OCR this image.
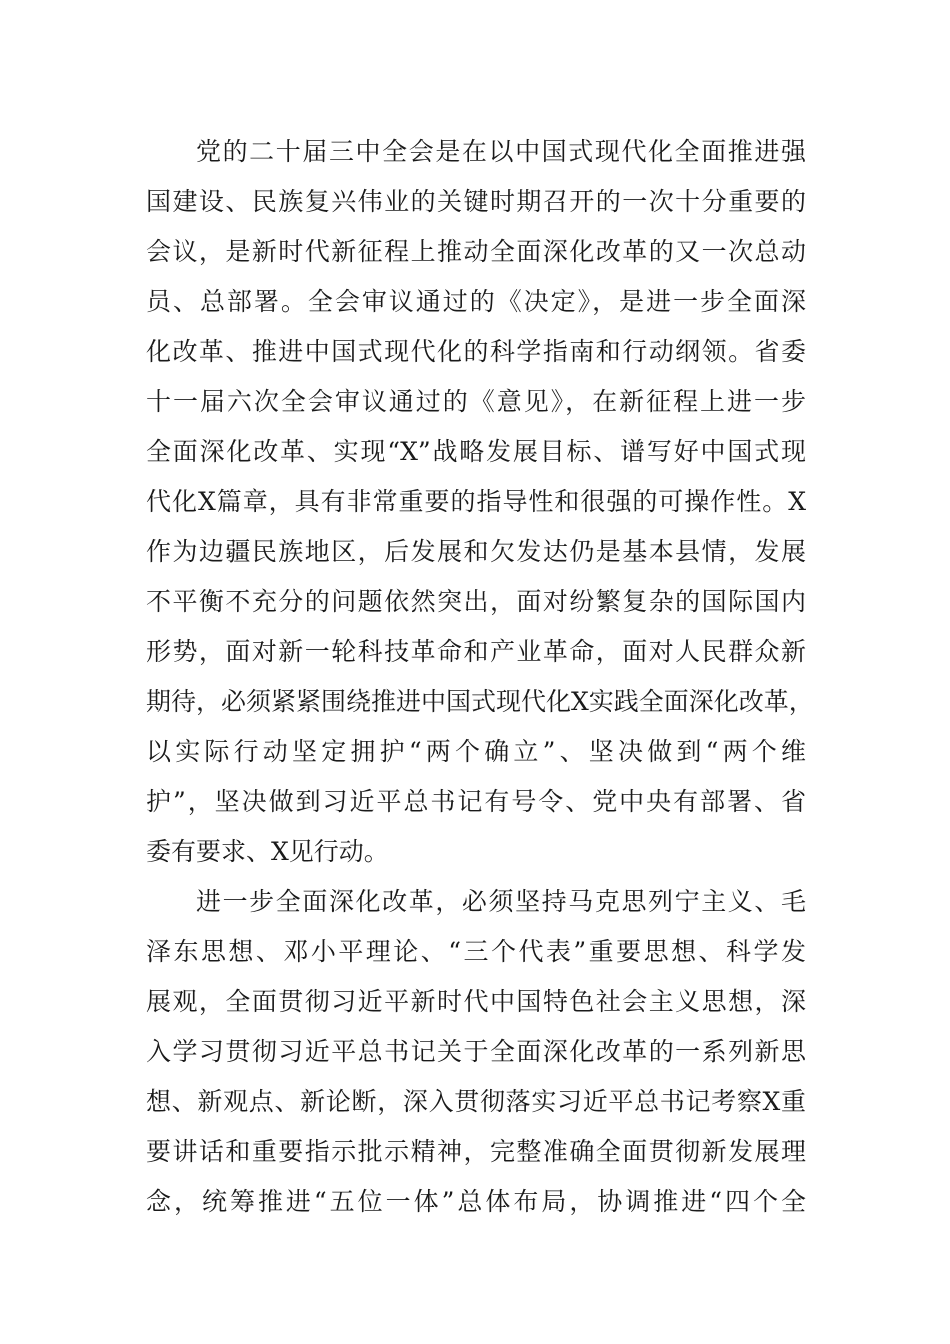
党的二十届三中全会是在以中国式现代化全面推进强
国建设、民族复兴伟业的关键时期召开的一次十分重要的
会议，是新时代新征程上推动全面深化改革的又一次总动
员、总部署。全会审议通过的《决定》，是进一步全面深
化改革、推进中国式现代化的科学指南和行动纲领。省委
十一届六次全会审议通过的《意见》，在新征程上进一步
全面深化改革、实现“X”战略发展目标、谱写好中国式现
代化X篇章，具有非常重要的指导性和很强的可操作性。X
作为边疆民族地区，后发展和欠发达仍是基本县情，发展
不平衡不充分的问题依然突出，面对纷繁复杂的国际国内
形势，面对新一轮科技革命和产业革命，面对人民群众新
期待，必须紧紧围绕推进中国式现代化X实践全面深化改革，
以实际行动坚定拥护“两个确立”、坚决做到“两个维
护”，坚决做到习近平总书记有号令、党中央有部署、省
委有要求、X见行动。
进一步全面深化改革，必须坚持马克思列宁主义、毛
泽东思想、邓小平理论、“三个代表”重要思想、科学发
展观，全面贯彻习近平新时代中国特色社会主义思想，深
入学习贯彻习近平总书记关于全面深化改革的一系列新思
想、新观点、新论断，深入贯彻落实习近平总书记考察X重
要讲话和重要指示批示精神，完整准确全面贯彻新发展理
念，统筹推进“五位一体”总体布局，协调推进“四个全
